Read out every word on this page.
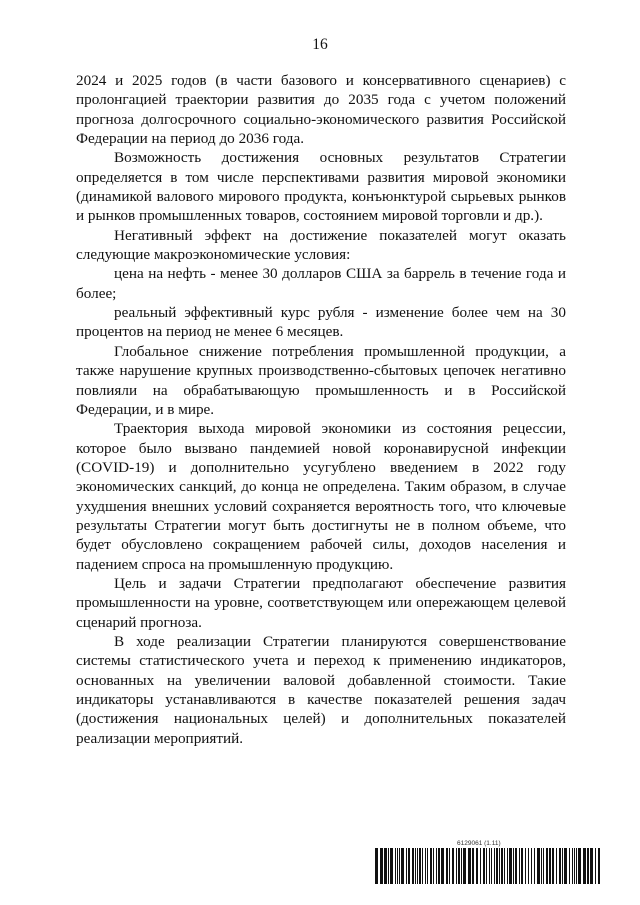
16

2024 и 2025 годов (в части базового и консервативного сценариев) с пролонгацией траектории развития до 2035 года с учетом положений прогноза долгосрочного социально-экономического развития Российской Федерации на период до 2036 года.

Возможность достижения основных результатов Стратегии определяется в том числе перспективами развития мировой экономики (динамикой валового мирового продукта, конъюнктурой сырьевых рынков и рынков промышленных товаров, состоянием мировой торговли и др.).

Негативный эффект на достижение показателей могут оказать следующие макроэкономические условия:

цена на нефть - менее 30 долларов США за баррель в течение года и более;

реальный эффективный курс рубля - изменение более чем на 30 процентов на период не менее 6 месяцев.

Глобальное снижение потребления промышленной продукции, а также нарушение крупных производственно-сбытовых цепочек негативно повлияли на обрабатывающую промышленность и в Российской Федерации, и в мире.

Траектория выхода мировой экономики из состояния рецессии, которое было вызвано пандемией новой коронавирусной инфекции (COVID-19) и дополнительно усугублено введением в 2022 году экономических санкций, до конца не определена. Таким образом, в случае ухудшения внешних условий сохраняется вероятность того, что ключевые результаты Стратегии могут быть достигнуты не в полном объеме, что будет обусловлено сокращением рабочей силы, доходов населения и падением спроса на промышленную продукцию.

Цель и задачи Стратегии предполагают обеспечение развития промышленности на уровне, соответствующем или опережающем целевой сценарий прогноза.

В ходе реализации Стратегии планируются совершенствование системы статистического учета и переход к применению индикаторов, основанных на увеличении валовой добавленной стоимости. Такие индикаторы устанавливаются в качестве показателей решения задач (достижения национальных целей) и дополнительных показателей реализации мероприятий.

6129061 (1.11)
